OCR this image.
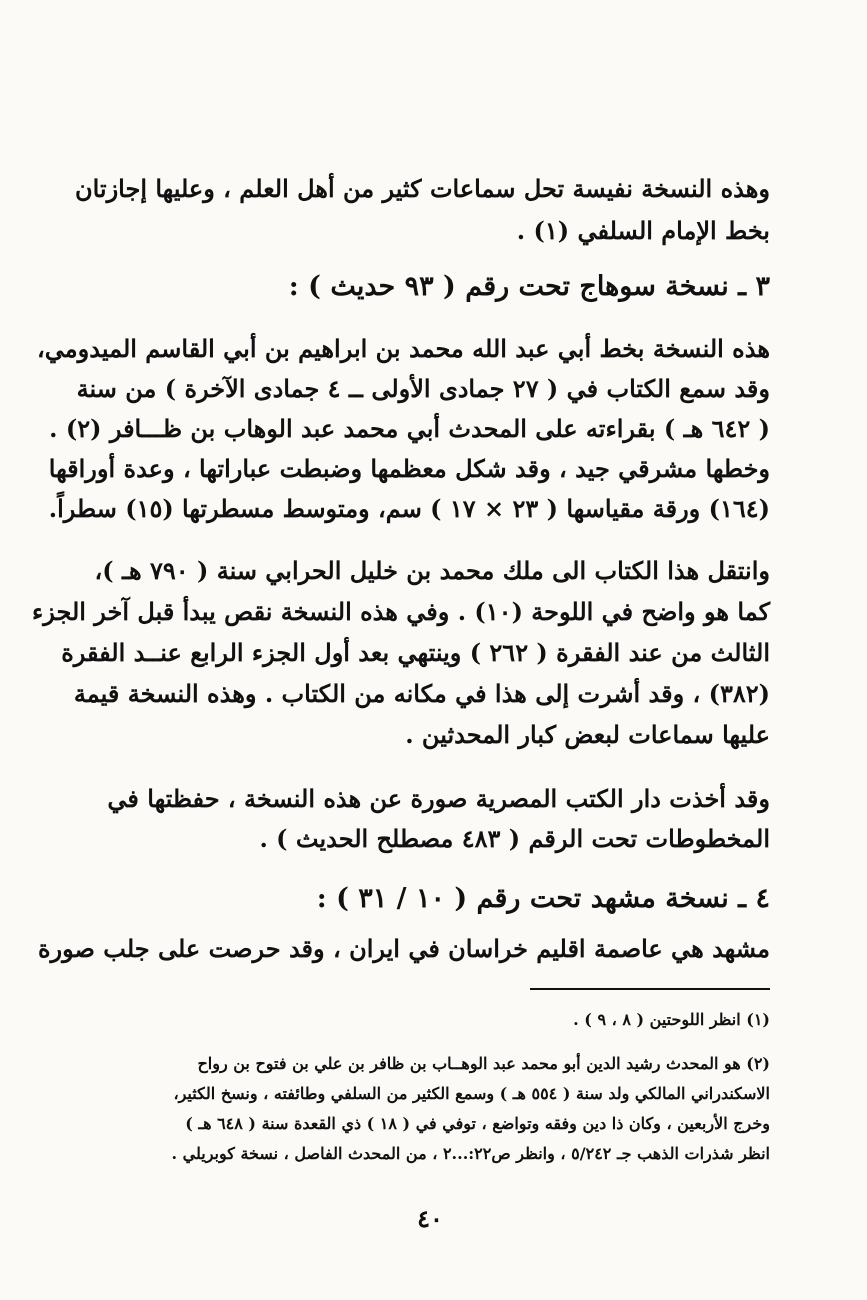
وهذه النسخة نفيسة تحل سماعات كثير من أهل العلم ، وعليها إجازتان
بخط الإمام السلفي (١) .
٣ ـ نسخة سوهاج تحت رقم ( ٩٣ حديث ) :
هذه النسخة بخط أبي عبد الله محمد بن ابراهيم بن أبي القاسم الميدومي،
وقد سمع الكتاب في ( ٢٧ جمادى الأولى ــ ٤ جمادى الآخرة ) من سنة
( ٦٤٢ هـ ) بقراءته على المحدث أبي محمد عبد الوهاب بن ظـــافر (٢) .
وخطها مشرقي جيد ، وقد شكل معظمها وضبطت عباراتها ، وعدة أوراقها
(١٦٤) ورقة مقياسها ( ٢٣ × ١٧ ) سم، ومتوسط مسطرتها (١٥) سطراً.
وانتقل هذا الكتاب الى ملك محمد بن خليل الحرابي سنة ( ٧٩٠ هـ )،
كما هو واضح في اللوحة (١٠) . وفي هذه النسخة نقص يبدأ قبل آخر الجزء
الثالث من عند الفقرة ( ٢٦٢ ) وينتهي بعد أول الجزء الرابع عنــد الفقرة
(٣٨٢) ، وقد أشرت إلى هذا في مكانه من الكتاب . وهذه النسخة قيمة
عليها سماعات لبعض كبار المحدثين .
وقد أخذت دار الكتب المصرية صورة عن هذه النسخة ، حفظتها في
المخطوطات تحت الرقم ( ٤٨٣ مصطلح الحديث ) .
٤ ـ نسخة مشهد تحت رقم ( ١٠ / ٣١ ) :
مشهد هي عاصمة اقليم خراسان في ايران ، وقد حرصت على جلب صورة
(١) انظر اللوحتين ( ٨ ، ٩ ) .
(٢) هو المحدث رشيد الدين أبو محمد عبد الوهــاب بن ظافر بن علي بن فتوح بن رواح
الاسكندراني المالكي ولد سنة ( ٥٥٤ هـ ) وسمع الكثير من السلفي وطائفته ، ونسخ الكثير،
وخرج الأربعين ، وكان ذا دين وفقه وتواضع ، توفي في ( ١٨ ) ذي القعدة سنة ( ٦٤٨ هـ )
انظر شذرات الذهب جـ ٥/٢٤٢ ، وانظر ص٢٢:...٢ ، من المحدث الفاصل ، نسخة كوبريلي .
٤٠
